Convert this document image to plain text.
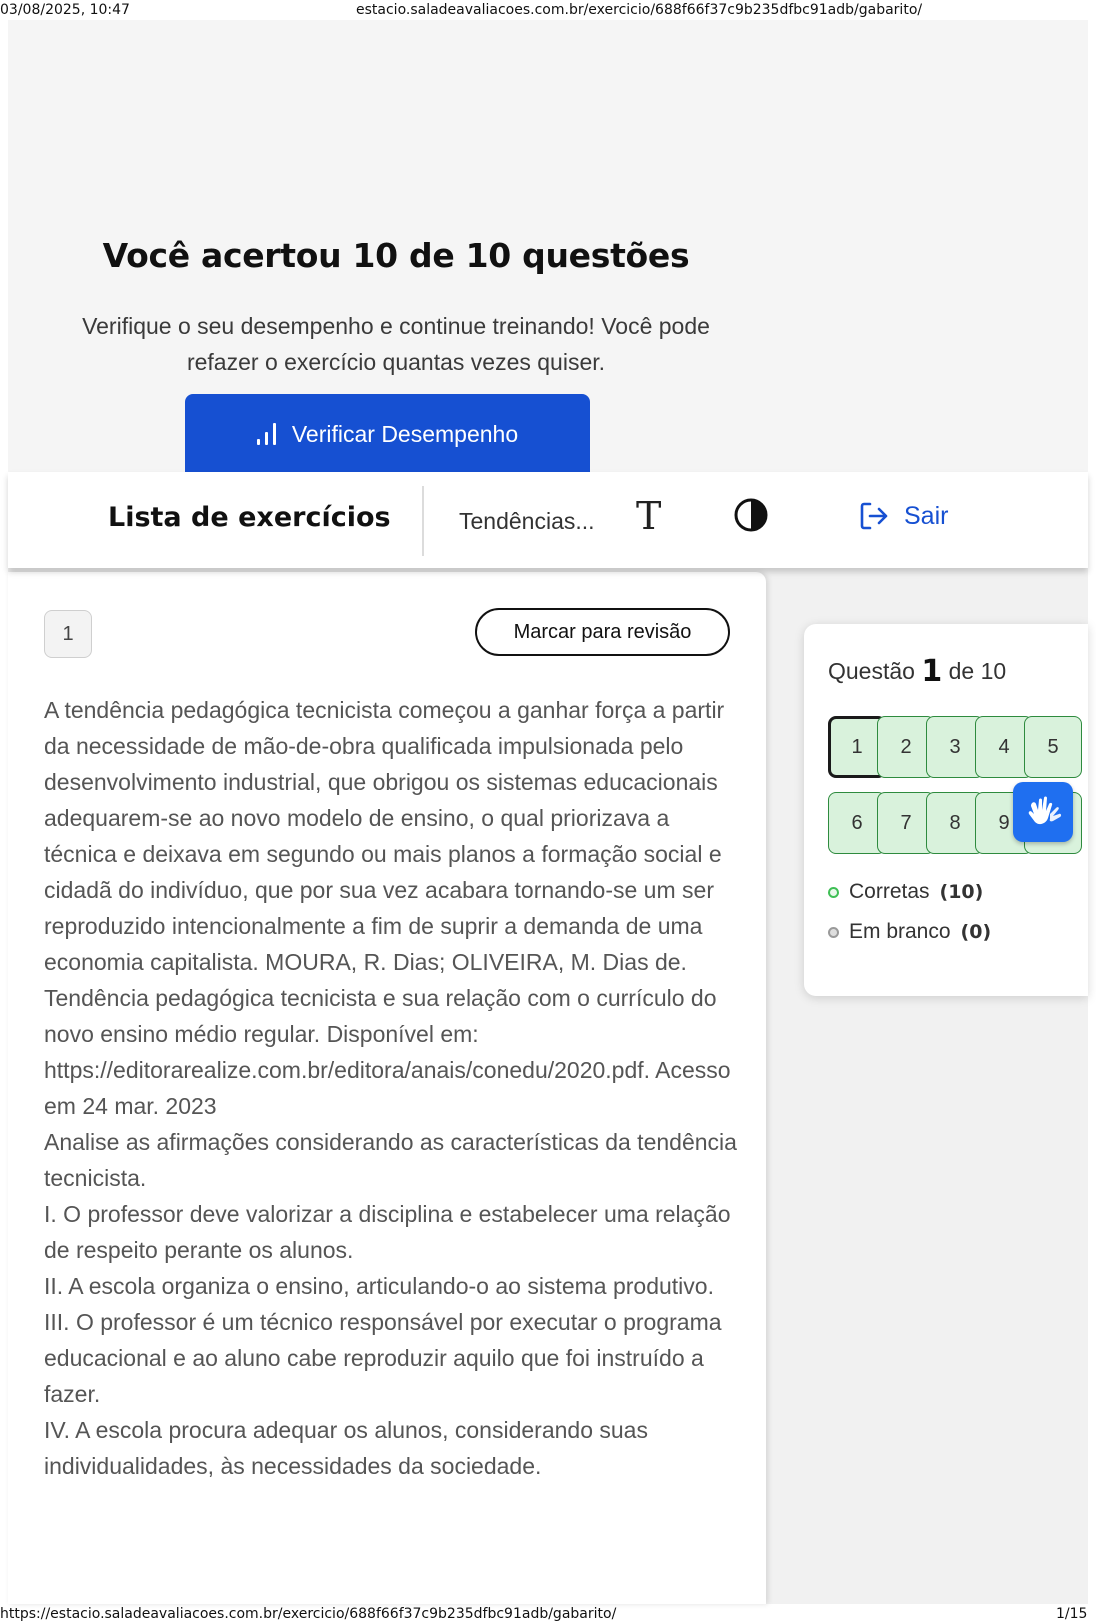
03/08/2025, 10:47	estacio.saladeavaliacoes.com.br/exercicio/688f66f37c9b235dfbc91adb/gabarito/
Você acertou 10 de 10 questões
Verifique o seu desempenho e continue treinando! Você pode refazer o exercício quantas vezes quiser.
Verificar Desempenho
Lista de exercícios	Tendências... T	Sair
1	Marcar para revisão

A tendência pedagógica tecnicista começou a ganhar força a partir da necessidade de mão-de-obra qualificada impulsionada pelo desenvolvimento industrial, que obrigou os sistemas educacionais adequarem-se ao novo modelo de ensino, o qual priorizava a técnica e deixava em segundo ou mais planos a formação social e cidadã do indivíduo, que por sua vez acabara tornando-se um ser reproduzido intencionalmente a fim de suprir a demanda de uma economia capitalista. MOURA, R. Dias; OLIVEIRA, M. Dias de. Tendência pedagógica tecnicista e sua relação com o currículo do novo ensino médio regular. Disponível em: https://editorarealize.com.br/editora/anais/conedu/2020.pdf. Acesso em 24 mar. 2023

Analise as afirmações considerando as características da tendência tecnicista.

I. O professor deve valorizar a disciplina e estabelecer uma relação de respeito perante os alunos.

II. A escola organiza o ensino, articulando-o ao sistema produtivo.

III. O professor é um técnico responsável por executar o programa educacional e ao aluno cabe reproduzir aquilo que foi instruído a fazer.

IV. A escola procura adequar os alunos, considerando suas individualidades, às necessidades da sociedade.

Questão 1 de 10
1	2	3	4	5
6	7	8	9
Corretas (10)
Em branco (0)
https://estacio.saladeavaliacoes.com.br/exercicio/688f66f37c9b235dfbc91adb/gabarito/	1/15
